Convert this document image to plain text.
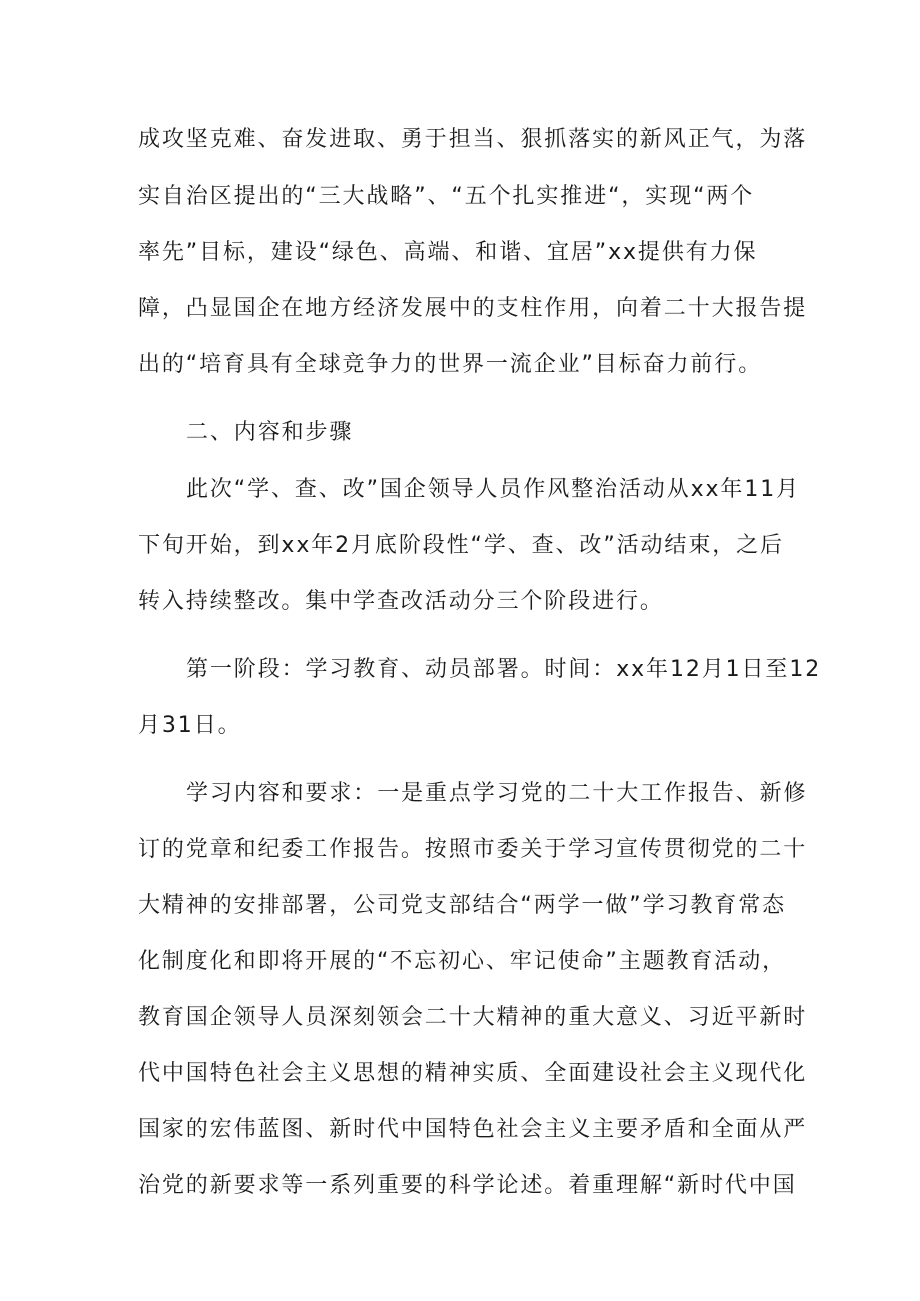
成攻坚克难、奋发进取、勇于担当、狠抓落实的新风正气，为落
实自治区提出的“三大战略”、“五个扎实推进“，实现“两个
率先”目标，建设“绿色、高端、和谐、宜居”xx提供有力保
障，凸显国企在地方经济发展中的支柱作用，向着二十大报告提
出的“培育具有全球竞争力的世界一流企业”目标奋力前行。
二、内容和步骤
此次“学、查、改”国企领导人员作风整治活动从xx年11月
下旬开始，到xx年2月底阶段性“学、查、改”活动结束，之后
转入持续整改。集中学查改活动分三个阶段进行。
第一阶段：学习教育、动员部署。时间：xx年12月1日至12
月31日。
学习内容和要求：一是重点学习党的二十大工作报告、新修
订的党章和纪委工作报告。按照市委关于学习宣传贯彻党的二十
大精神的安排部署，公司党支部结合“两学一做”学习教育常态
化制度化和即将开展的“不忘初心、牢记使命”主题教育活动，
教育国企领导人员深刻领会二十大精神的重大意义、习近平新时
代中国特色社会主义思想的精神实质、全面建设社会主义现代化
国家的宏伟蓝图、新时代中国特色社会主义主要矛盾和全面从严
治党的新要求等一系列重要的科学论述。着重理解“新时代中国
